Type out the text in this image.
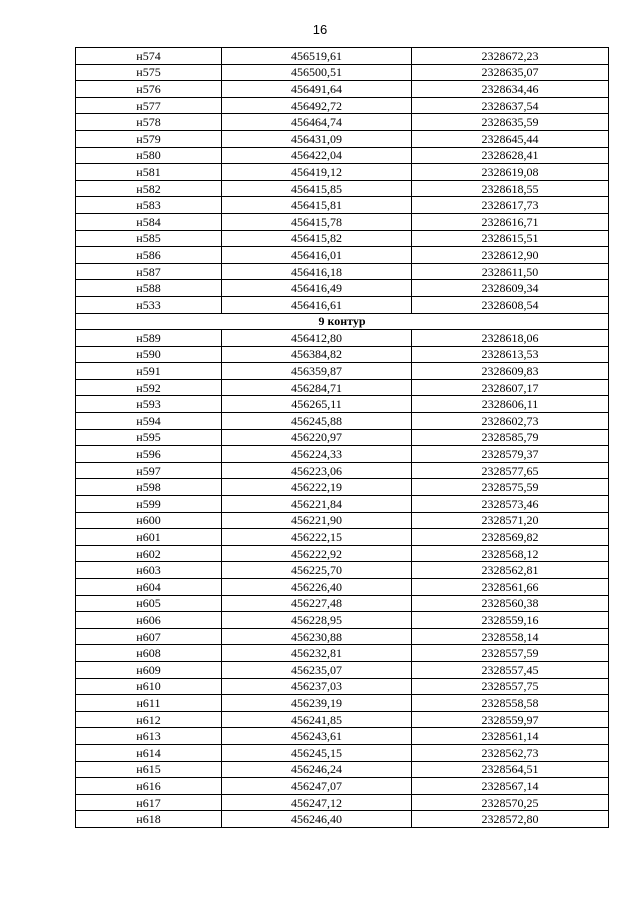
16
н574	456519,61	2328672,23
н575	456500,51	2328635,07
н576	456491,64	2328634,46
н577	456492,72	2328637,54
н578	456464,74	2328635,59
н579	456431,09	2328645,44
н580	456422,04	2328628,41
н581	456419,12	2328619,08
н582	456415,85	2328618,55
н583	456415,81	2328617,73
н584	456415,78	2328616,71
н585	456415,82	2328615,51
н586	456416,01	2328612,90
н587	456416,18	2328611,50
н588	456416,49	2328609,34
н533	456416,61	2328608,54
9 контур		
н589	456412,80	2328618,06
н590	456384,82	2328613,53
н591	456359,87	2328609,83
н592	456284,71	2328607,17
н593	456265,11	2328606,11
н594	456245,88	2328602,73
н595	456220,97	2328585,79
н596	456224,33	2328579,37
н597	456223,06	2328577,65
н598	456222,19	2328575,59
н599	456221,84	2328573,46
н600	456221,90	2328571,20
н601	456222,15	2328569,82
н602	456222,92	2328568,12
н603	456225,70	2328562,81
н604	456226,40	2328561,66
н605	456227,48	2328560,38
н606	456228,95	2328559,16
н607	456230,88	2328558,14
н608	456232,81	2328557,59
н609	456235,07	2328557,45
н610	456237,03	2328557,75
н611	456239,19	2328558,58
н612	456241,85	2328559,97
н613	456243,61	2328561,14
н614	456245,15	2328562,73
н615	456246,24	2328564,51
н616	456247,07	2328567,14
н617	456247,12	2328570,25
н618	456246,40	2328572,80
